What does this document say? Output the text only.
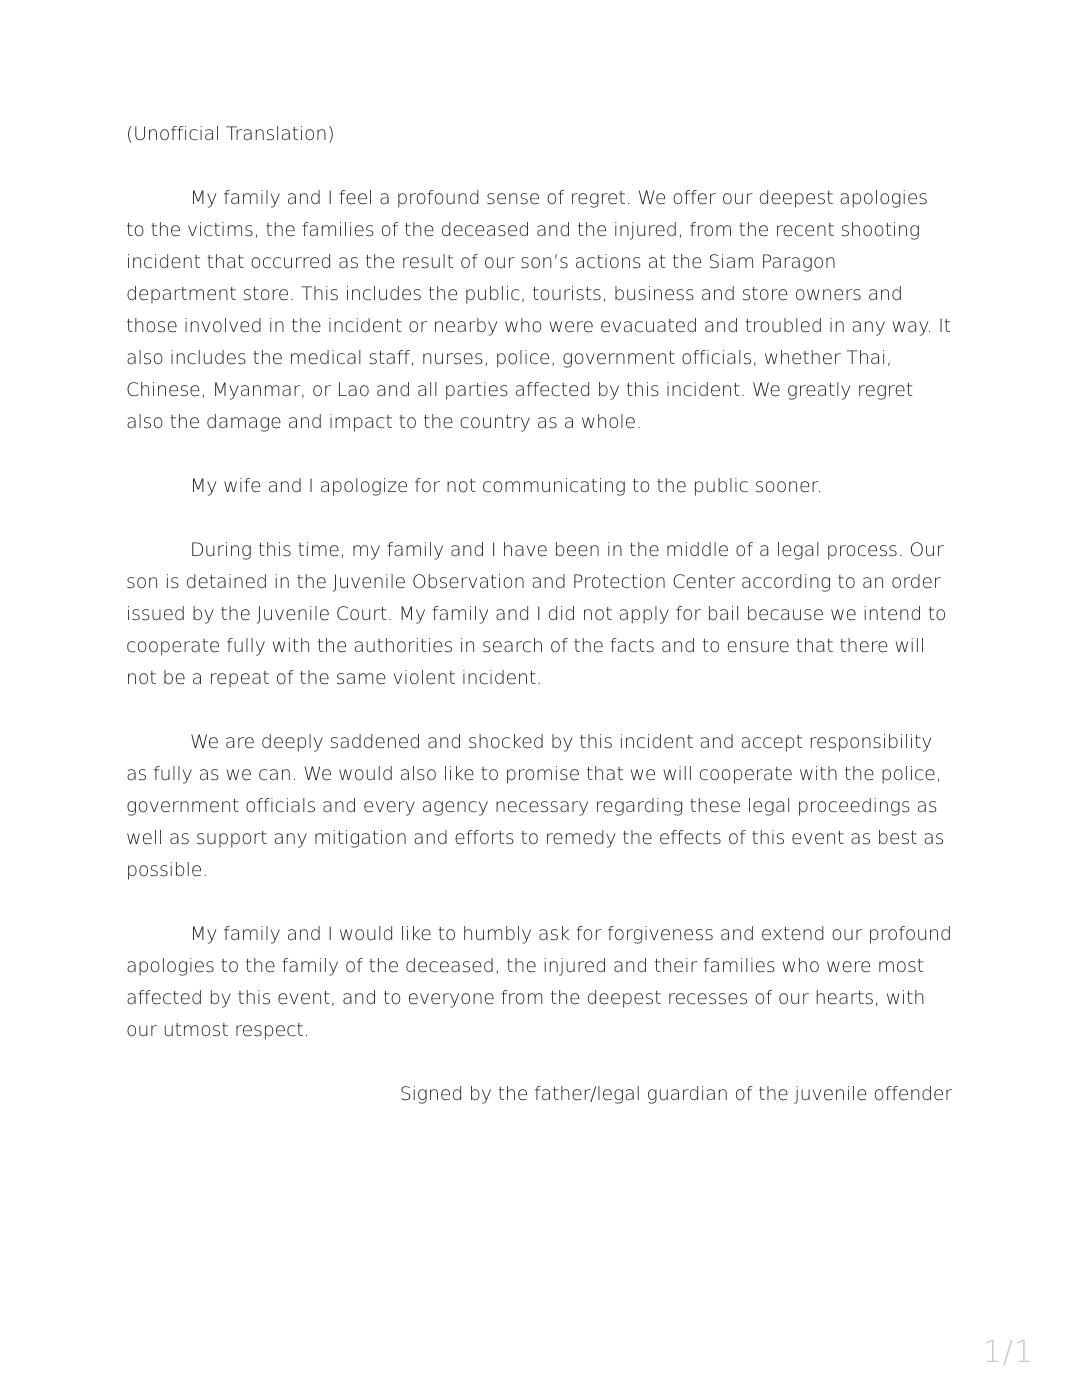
(Unofficial Translation)

My family and I feel a profound sense of regret. We offer our deepest apologies to the victims, the families of the deceased and the injured, from the recent shooting incident that occurred as the result of our son’s actions at the Siam Paragon department store. This includes the public, tourists, business and store owners and those involved in the incident or nearby who were evacuated and troubled in any way. It also includes the medical staff, nurses, police, government officials, whether Thai, Chinese, Myanmar, or Lao and all parties affected by this incident. We greatly regret also the damage and impact to the country as a whole.

My wife and I apologize for not communicating to the public sooner.

During this time, my family and I have been in the middle of a legal process. Our son is detained in the Juvenile Observation and Protection Center according to an order issued by the Juvenile Court. My family and I did not apply for bail because we intend to cooperate fully with the authorities in search of the facts and to ensure that there will not be a repeat of the same violent incident.

We are deeply saddened and shocked by this incident and accept responsibility as fully as we can. We would also like to promise that we will cooperate with the police, government officials and every agency necessary regarding these legal proceedings as well as support any mitigation and efforts to remedy the effects of this event as best as possible.

My family and I would like to humbly ask for forgiveness and extend our profound apologies to the family of the deceased, the injured and their families who were most affected by this event, and to everyone from the deepest recesses of our hearts, with our utmost respect.

Signed by the father/legal guardian of the juvenile offender

1/1
